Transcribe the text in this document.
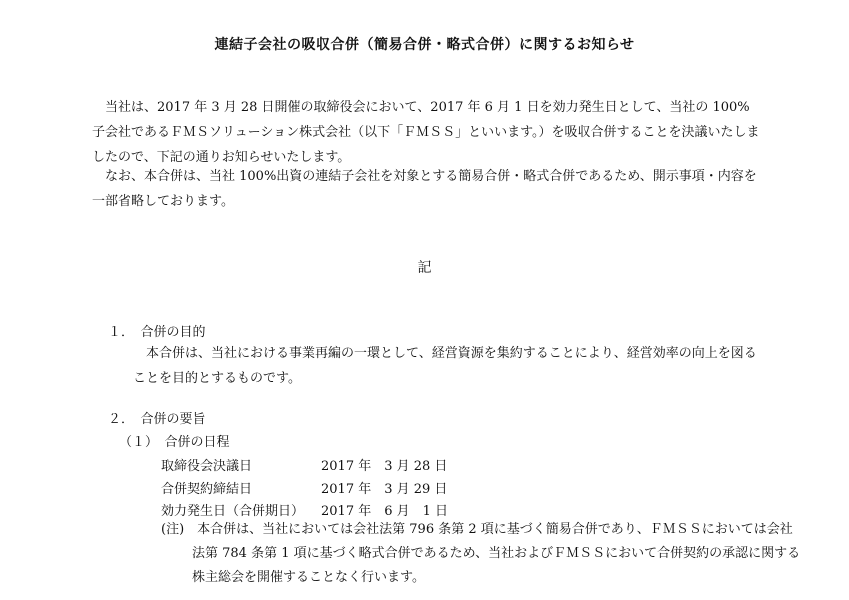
連結子会社の吸収合併（簡易合併・略式合併）に関するお知らせ

当社は、2017 年 3 月 28 日開催の取締役会において、2017 年 6 月 1 日を効力発生日として、当社の 100%子会社であるＦＭＳソリューション株式会社（以下「ＦＭＳＳ」といいます。）を吸収合併することを決議いたしましたので、下記の通りお知らせいたします。

なお、本合併は、当社 100%出資の連結子会社を対象とする簡易合併・略式合併であるため、開示事項・内容を一部省略しております。

記
１．　合併の目的

本合併は、当社における事業再編の一環として、経営資源を集約することにより、経営効率の向上を図ることを目的とするものです。

２．　合併の要旨
（１）　合併の日程
取締役会決議日	2017 年　3 月 28 日
合併契約締結日	2017 年　3 月 29 日
効力発生日（合併期日） 2017 年　6 月　1 日

(注)　本合併は、当社においては会社法第 796 条第 2 項に基づく簡易合併であり、ＦＭＳＳにおいては会社法第 784 条第 1 項に基づく略式合併であるため、当社およびＦＭＳＳにおいて合併契約の承認に関する株主総会を開催することなく行います。
